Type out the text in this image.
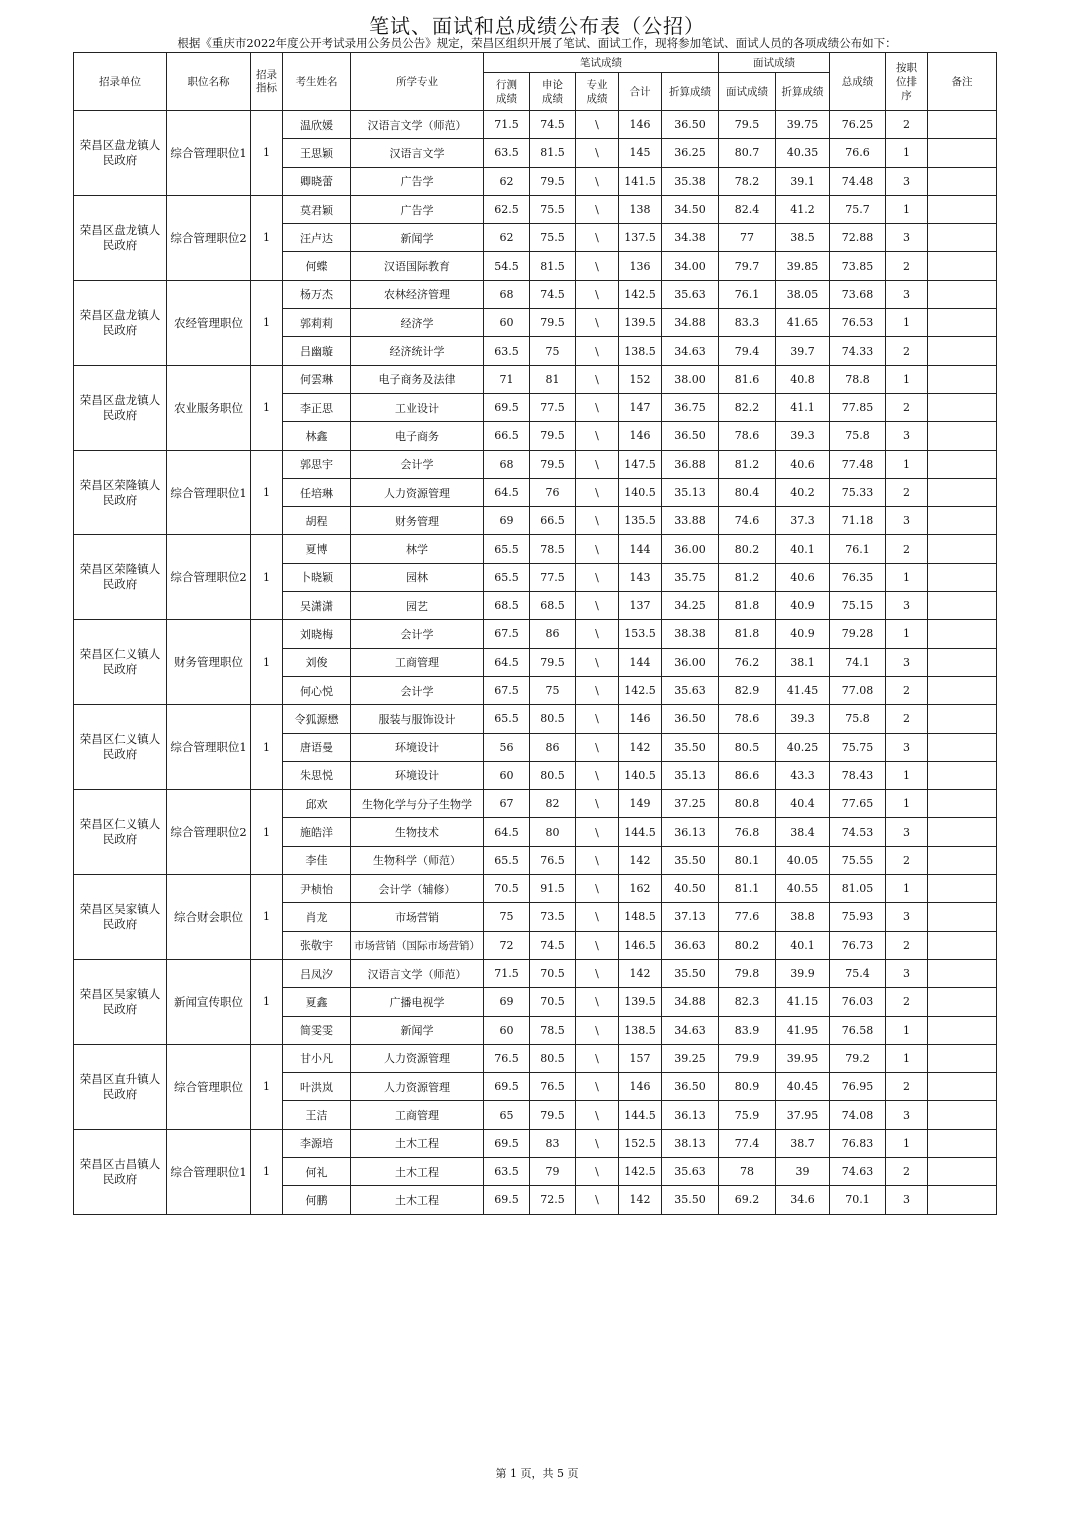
笔试、面试和总成绩公布表（公招）
根据《重庆市2022年度公开考试录用公务员公告》规定，荣昌区组织开展了笔试、面试工作，现将参加笔试、面试人员的各项成绩公布如下：
招录单位	职位名称	招录指标	考生姓名	所学专业	笔试成绩					面试成绩		总成绩	按职位排序	备注
					行测成绩	申论成绩	专业成绩	合计	折算成绩	面试成绩	折算成绩			
荣昌区盘龙镇人民政府	综合管理职位1	1	温欣媛	汉语言文学（师范）	71.5	74.5	\	146	36.50	79.5	39.75	76.25	2	
			王思颖	汉语言文学	63.5	81.5	\	145	36.25	80.7	40.35	76.6	1	
			卿晓蕾	广告学	62	79.5	\	141.5	35.38	78.2	39.1	74.48	3	
荣昌区盘龙镇人民政府	综合管理职位2	1	莫君颖	广告学	62.5	75.5	\	138	34.50	82.4	41.2	75.7	1	
			汪卢达	新闻学	62	75.5	\	137.5	34.38	77	38.5	72.88	3	
			何蝶	汉语国际教育	54.5	81.5	\	136	34.00	79.7	39.85	73.85	2	
荣昌区盘龙镇人民政府	农经管理职位	1	杨万杰	农林经济管理	68	74.5	\	142.5	35.63	76.1	38.05	73.68	3	
			郭莉莉	经济学	60	79.5	\	139.5	34.88	83.3	41.65	76.53	1	
			吕幽璇	经济统计学	63.5	75	\	138.5	34.63	79.4	39.7	74.33	2	
荣昌区盘龙镇人民政府	农业服务职位	1	何雲琳	电子商务及法律	71	81	\	152	38.00	81.6	40.8	78.8	1	
			李正思	工业设计	69.5	77.5	\	147	36.75	82.2	41.1	77.85	2	
			林鑫	电子商务	66.5	79.5	\	146	36.50	78.6	39.3	75.8	3	
荣昌区荣隆镇人民政府	综合管理职位1	1	郭思宇	会计学	68	79.5	\	147.5	36.88	81.2	40.6	77.48	1	
			任培琳	人力资源管理	64.5	76	\	140.5	35.13	80.4	40.2	75.33	2	
			胡程	财务管理	69	66.5	\	135.5	33.88	74.6	37.3	71.18	3	
荣昌区荣隆镇人民政府	综合管理职位2	1	夏博	林学	65.5	78.5	\	144	36.00	80.2	40.1	76.1	2	
			卜晓颖	园林	65.5	77.5	\	143	35.75	81.2	40.6	76.35	1	
			吴潇潇	园艺	68.5	68.5	\	137	34.25	81.8	40.9	75.15	3	
荣昌区仁义镇人民政府	财务管理职位	1	刘晓梅	会计学	67.5	86	\	153.5	38.38	81.8	40.9	79.28	1	
			刘俊	工商管理	64.5	79.5	\	144	36.00	76.2	38.1	74.1	3	
			何心悦	会计学	67.5	75	\	142.5	35.63	82.9	41.45	77.08	2	
荣昌区仁义镇人民政府	综合管理职位1	1	令狐源懋	服装与服饰设计	65.5	80.5	\	146	36.50	78.6	39.3	75.8	2	
			唐语曼	环境设计	56	86	\	142	35.50	80.5	40.25	75.75	3	
			朱思悦	环境设计	60	80.5	\	140.5	35.13	86.6	43.3	78.43	1	
荣昌区仁义镇人民政府	综合管理职位2	1	邱欢	生物化学与分子生物学	67	82	\	149	37.25	80.8	40.4	77.65	1	
			施皓洋	生物技术	64.5	80	\	144.5	36.13	76.8	38.4	74.53	3	
			李佳	生物科学（师范）	65.5	76.5	\	142	35.50	80.1	40.05	75.55	2	
荣昌区吴家镇人民政府	综合财会职位	1	尹桢怡	会计学（辅修）	70.5	91.5	\	162	40.50	81.1	40.55	81.05	1	
			肖龙	市场营销	75	73.5	\	148.5	37.13	77.6	38.8	75.93	3	
			张敬宇	市场营销（国际市场营销）	72	74.5	\	146.5	36.63	80.2	40.1	76.73	2	
荣昌区吴家镇人民政府	新闻宣传职位	1	吕凤汐	汉语言文学（师范）	71.5	70.5	\	142	35.50	79.8	39.9	75.4	3	
			夏鑫	广播电视学	69	70.5	\	139.5	34.88	82.3	41.15	76.03	2	
			简雯雯	新闻学	60	78.5	\	138.5	34.63	83.9	41.95	76.58	1	
荣昌区直升镇人民政府	综合管理职位	1	甘小凡	人力资源管理	76.5	80.5	\	157	39.25	79.9	39.95	79.2	1	
			叶洪岚	人力资源管理	69.5	76.5	\	146	36.50	80.9	40.45	76.95	2	
			王洁	工商管理	65	79.5	\	144.5	36.13	75.9	37.95	74.08	3	
荣昌区古昌镇人民政府	综合管理职位1	1	李源培	土木工程	69.5	83	\	152.5	38.13	77.4	38.7	76.83	1	
			何礼	土木工程	63.5	79	\	142.5	35.63	78	39	74.63	2	
			何鹏	土木工程	69.5	72.5	\	142	35.50	69.2	34.6	70.1	3	
第 1 页，共 5 页
